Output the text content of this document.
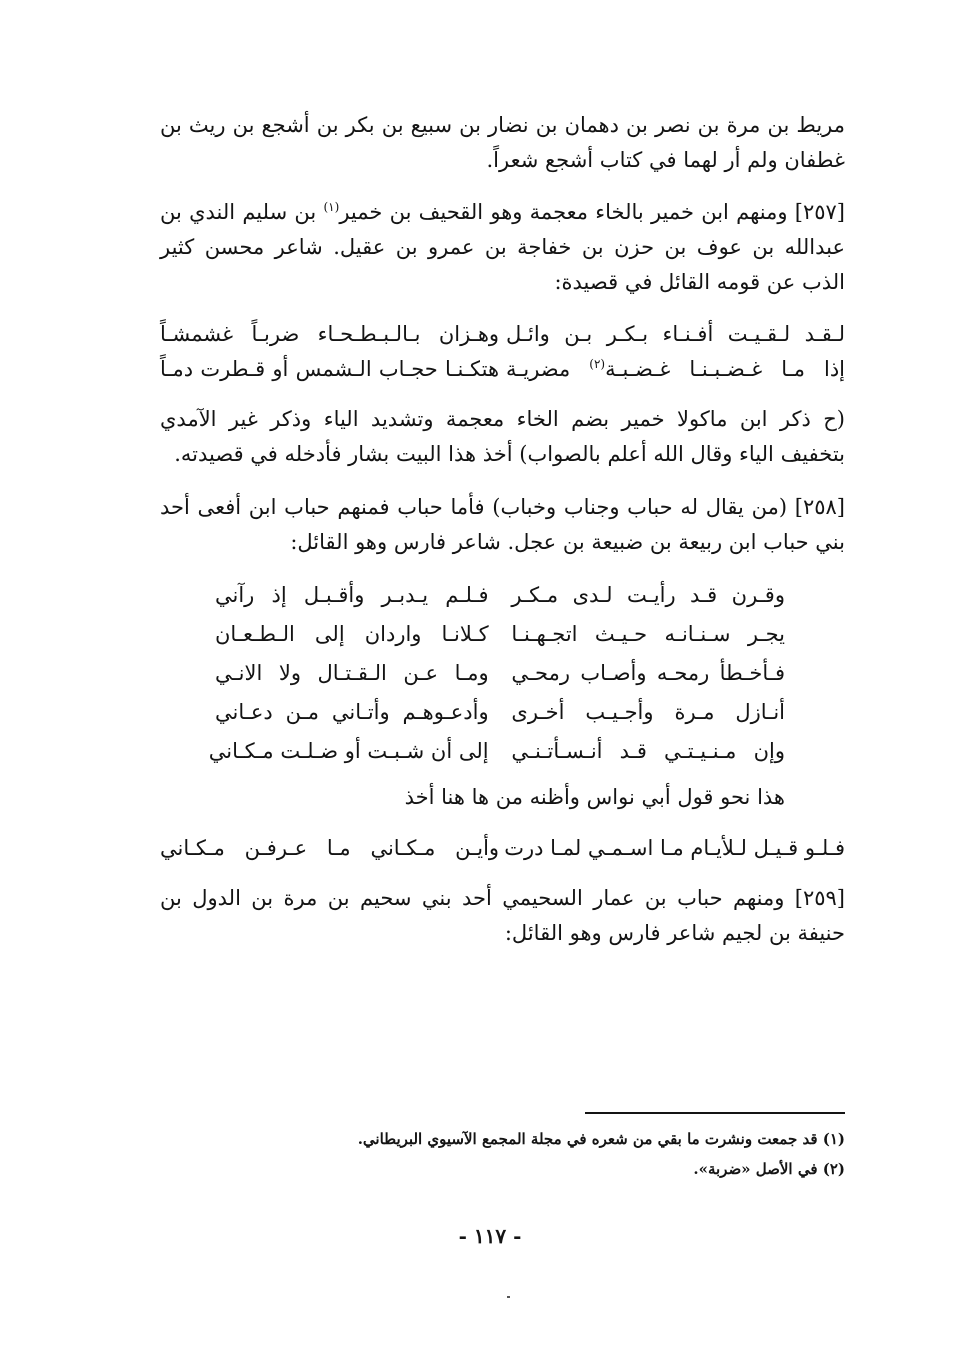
مريط بن مرة بن نصر بن دهمان بن نضار بن سبيع بن بكر بن أشجع بن ريث بن غطفان ولم أر لهما في كتاب أشجع شعراً.

[٢٥٧] ومنهم ابن خمير بالخاء معجمة وهو القحيف بن خمير$^{(١)}$ بن سليم الندي بن عبدالله بن عوف بن حزن بن خفاجة بن عمرو بن عقيل. شاعر محسن كثير الذب عن قومه القائل في قصيدة:

لـقـد لـقـيـت أفـنـاء بـكـر بـن وائـل
وهـزان بـالـبـطـحـاء ضربـاً غشمشـاً
إذا مـا غـضـبـنـا غـضـبـة$^{(٢)}$ مضريـة
هتكـنـا حجـاب الـشمس أو قـطرت دمـاً

(ح ذكر ابن ماكولا خمير بضم الخاء معجمة وتشديد الياء وذكر غير الآمدي بتخفيف الياء وقال الله أعلم بالصواب) أخذ هذا البيت بشار فأدخله في قصيدته.

[٢٥٨] (من يقال له حباب وجناب وخباب) فأما حباب فمنهم حباب ابن أفعى أحد بني حباب ابن ربيعة بن ضبيعة بن عجل. شاعر فارس وهو القائل:

وقـرن قـد رأيـت لـدى مـكـر
فـلـم يـدبـر وأقـبـل إذ رآني
يجـر سـنـانـه حـيـث اتجـهـنـا
كـلانـا واردان إلى الـطـعـان
فـأخـطأ رمحـه وأصـاب رمحـي
ومـا عـن الـقـتـال ولا الانـي
أنـازل مـرة وأجـيـب أخـرى
وأدعـوهـم وأتـاني مـن دعـاني
وإن مـنـيـتـي قـد أنـسـأتـنـي
إلى أن شـبـت أو ضـلـت مـكـاني

هذا نحو قول أبي نواس وأظنه من ها هنا أخذ

فـلـو قـيـل لـلأيـام مـا اسـمـي لمـا درت
وأيـن مـكـاني مـا عـرفـن مـكـاني

[٢٥٩] ومنهم حباب بن عمار السحيمي أحد بني سحيم بن مرة بن الدول بن حنيفة بن لجيم شاعر فارس وهو القائل:

(١) قد جمعت ونشرت ما بقي من شعره في مجلة المجمع الآسيوي البريطاني.
(٢) في الأصل «ضربة».
- ١١٧ -
